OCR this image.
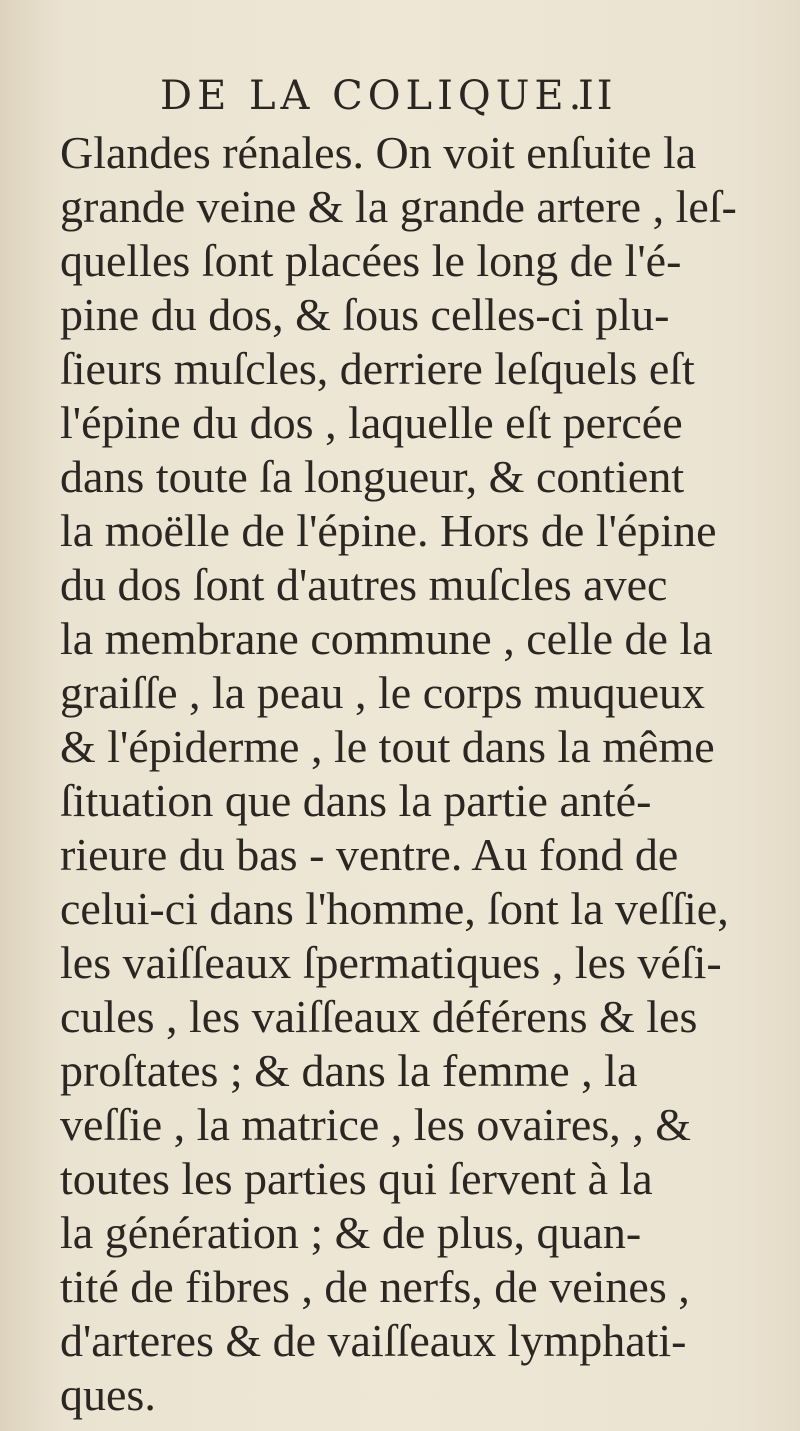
DE LA COLIQUE.
II
Glandes rénales. On voit enſuite la
grande veine & la grande artere , leſ-
quelles ſont placées le long de l'é-
pine du dos, & ſous celles-ci plu-
ſieurs muſcles, derriere leſquels eſt
l'épine du dos , laquelle eſt percée
dans toute ſa longueur, & contient
la moëlle de l'épine. Hors de l'épine
du dos ſont d'autres muſcles avec
la membrane commune , celle de la
graiſſe , la peau , le corps muqueux
& l'épiderme , le tout dans la même
ſituation que dans la partie anté-
rieure du bas - ventre. Au fond de
celui-ci dans l'homme, ſont la veſſie,
les vaiſſeaux ſpermatiques , les véſi-
cules , les vaiſſeaux déférens & les
proſtates ; & dans la femme , la
veſſie , la matrice , les ovaires, , &
toutes les parties qui ſervent à la
la génération ; & de plus, quan-
tité de fibres , de nerfs, de veines ,
d'arteres & de vaiſſeaux lymphati-
ques.
